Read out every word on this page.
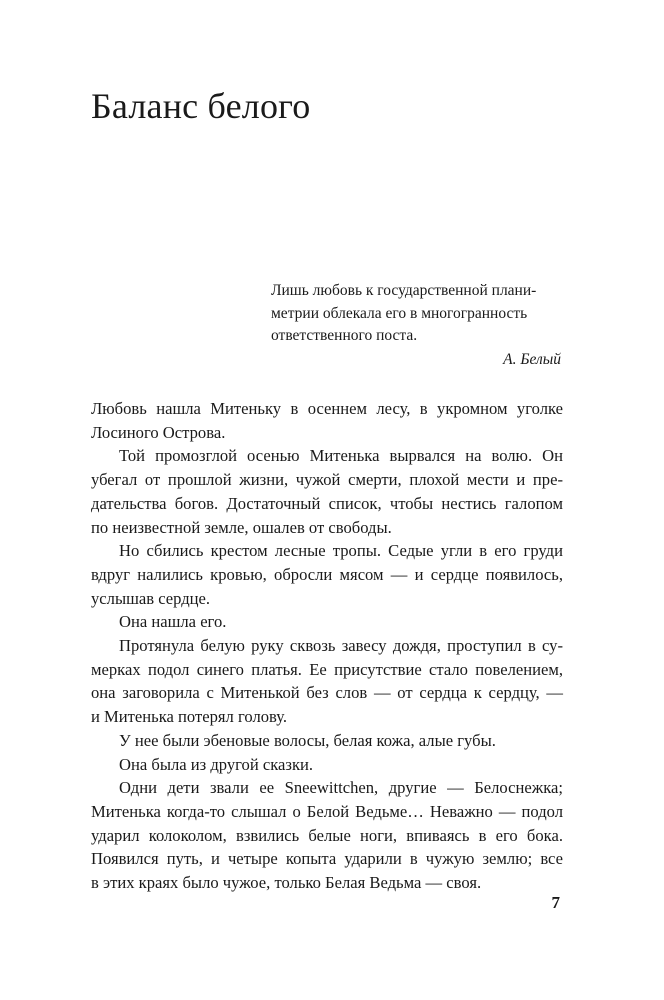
Баланс белого
Лишь любовь к государственной плани-
метрии облекала его в многогранность
ответственного поста.
А. Белый

Любовь нашла Митеньку в осеннем лесу, в укромном уголке
Лосиного Острова.

Той промозглой осенью Митенька вырвался на волю. Он
убегал от прошлой жизни, чужой смерти, плохой мести и пре-
дательства богов. Достаточный список, чтобы нестись галопом
по неизвестной земле, ошалев от свободы.

Но сбились крестом лесные тропы. Седые угли в его груди
вдруг налились кровью, обросли мясом — и сердце появилось,
услышав сердце.

Она нашла его.

Протянула белую руку сквозь завесу дождя, проступил в су-
мерках подол синего платья. Ее присутствие стало повелением,
она заговорила с Митенькой без слов — от сердца к сердцу, —
и Митенька потерял голову.

У нее были эбеновые волосы, белая кожа, алые губы.

Она была из другой сказки.

Одни дети звали ее Sneewittchen, другие — Белоснежка;
Митенька когда-то слышал о Белой Ведьме… Неважно — подол
ударил колоколом, взвились белые ноги, впиваясь в его бока.
Появился путь, и четыре копыта ударили в чужую землю; все
в этих краях было чужое, только Белая Ведьма — своя.

7
